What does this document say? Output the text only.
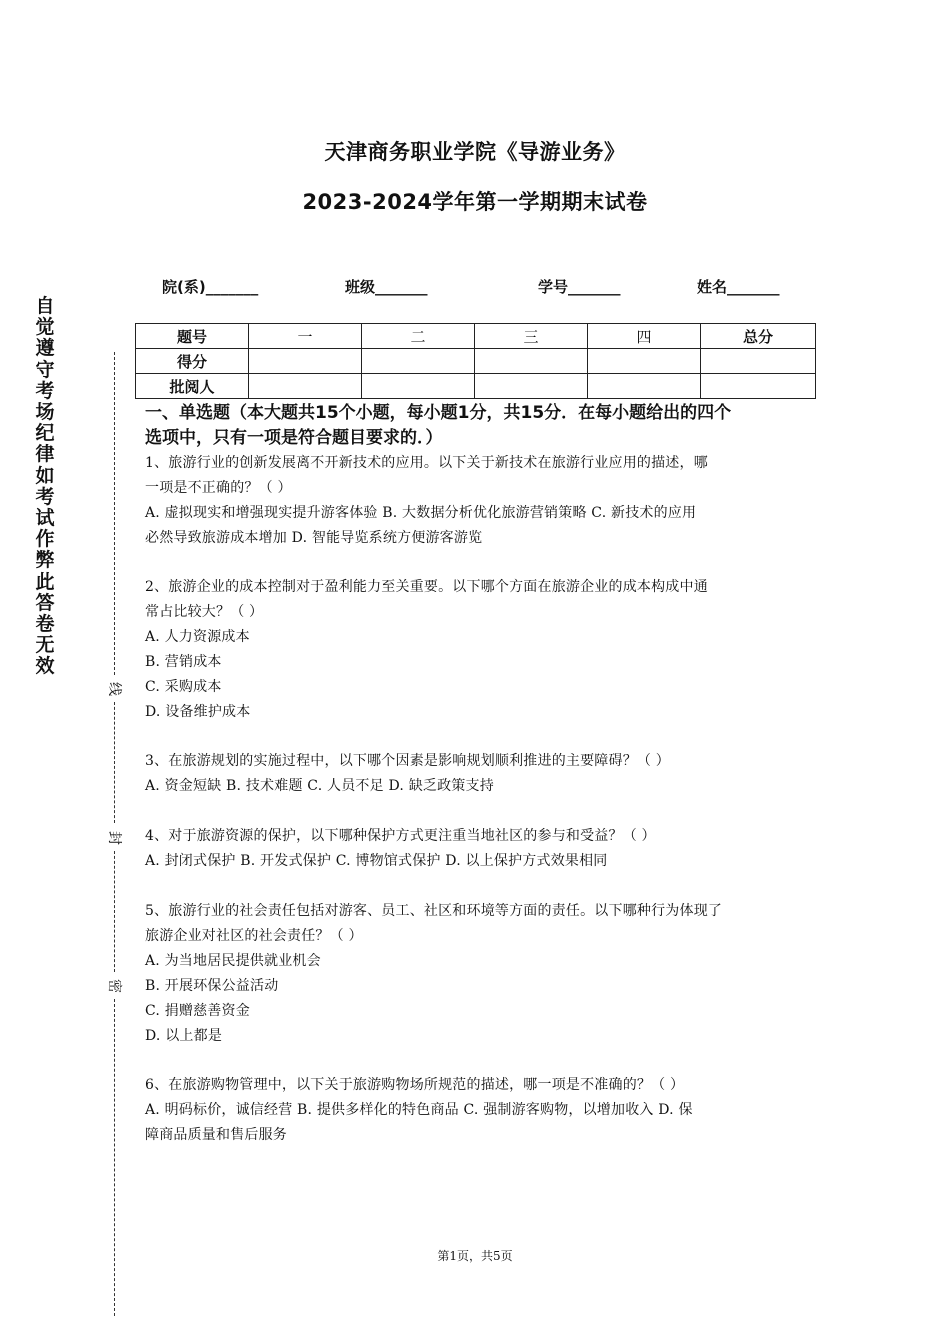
天津商务职业学院《导游业务》
2023-2024学年第一学期期末试卷
院(系)_______	班级_______	学号_______	姓名_______
题号	一	二	三	四	总分
得分					
批阅人					
一、单选题（本大题共15个小题，每小题1分，共15分．在每小题给出的四个
选项中，只有一项是符合题目要求的．）
1、旅游行业的创新发展离不开新技术的应用。以下关于新技术在旅游行业应用的描述，哪
一项是不正确的？（ ）
A. 虚拟现实和增强现实提升游客体验 B. 大数据分析优化旅游营销策略 C. 新技术的应用
必然导致旅游成本增加 D. 智能导览系统方便游客游览
2、旅游企业的成本控制对于盈利能力至关重要。以下哪个方面在旅游企业的成本构成中通
常占比较大？（ ）
A. 人力资源成本
B. 营销成本
C. 采购成本
D. 设备维护成本
3、在旅游规划的实施过程中，以下哪个因素是影响规划顺利推进的主要障碍？（ ）
A. 资金短缺 B. 技术难题 C. 人员不足 D. 缺乏政策支持
4、对于旅游资源的保护，以下哪种保护方式更注重当地社区的参与和受益？（ ）
A. 封闭式保护 B. 开发式保护 C. 博物馆式保护 D. 以上保护方式效果相同
5、旅游行业的社会责任包括对游客、员工、社区和环境等方面的责任。以下哪种行为体现了
旅游企业对社区的社会责任？（ ）
A. 为当地居民提供就业机会
B. 开展环保公益活动
C. 捐赠慈善资金
D. 以上都是
6、在旅游购物管理中，以下关于旅游购物场所规范的描述，哪一项是不准确的？（ ）
A. 明码标价，诚信经营 B. 提供多样化的特色商品 C. 强制游客购物，以增加收入 D. 保
障商品质量和售后服务
自
觉
遵
守
考
场
纪
律
如
考
试
作
弊
此
答
卷
无
效
线
封
密
第1页，共5页
